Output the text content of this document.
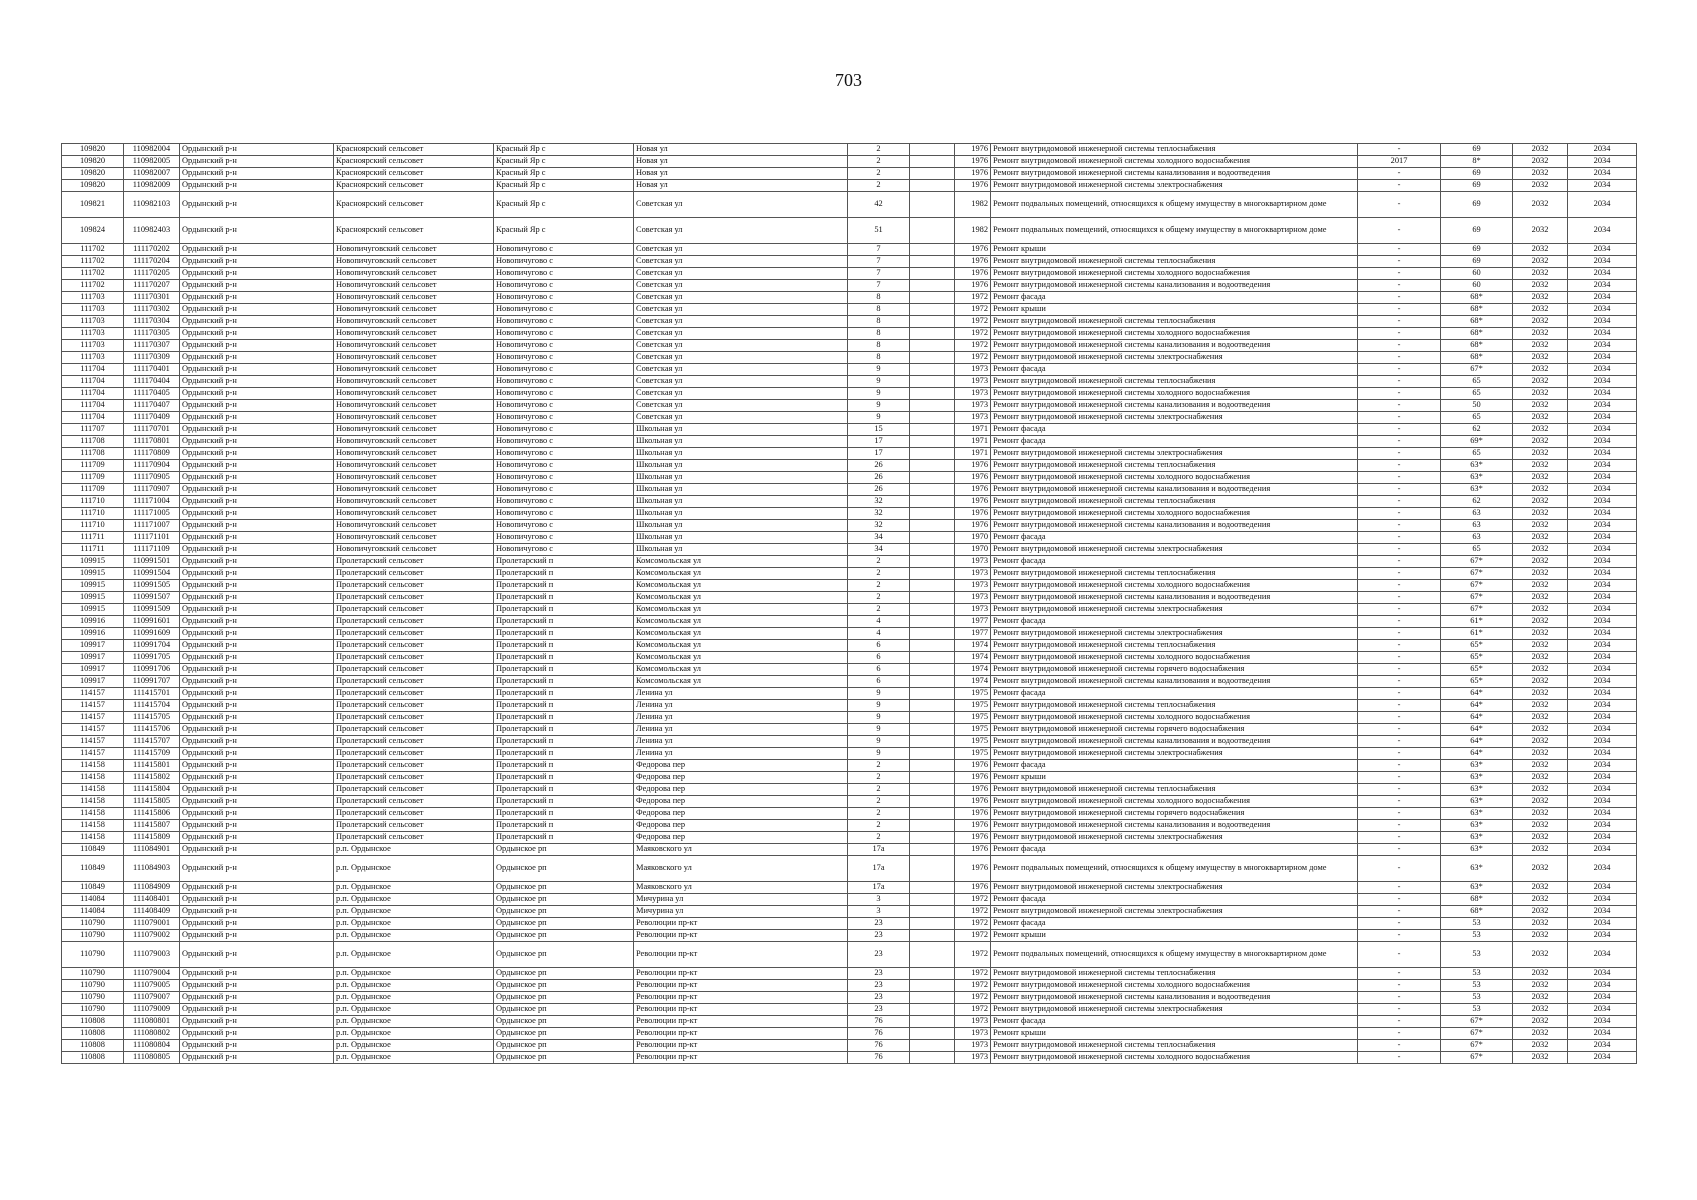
703
109820	110982004	Ордынский р-н	Красноярский сельсовет	Красный Яр с	Новая ул	2		1976	Ремонт внутридомовой инженерной системы теплоснабжения	-	69	2032	2034
109820	110982005	Ордынский р-н	Красноярский сельсовет	Красный Яр с	Новая ул	2		1976	Ремонт внутридомовой инженерной системы холодного водоснабжения	2017	8*	2032	2034
109820	110982007	Ордынский р-н	Красноярский сельсовет	Красный Яр с	Новая ул	2		1976	Ремонт внутридомовой инженерной системы канализования и водоотведения	-	69	2032	2034
109820	110982009	Ордынский р-н	Красноярский сельсовет	Красный Яр с	Новая ул	2		1976	Ремонт внутридомовой инженерной системы электроснабжения	-	69	2032	2034
109821	110982103	Ордынский р-н	Красноярский сельсовет	Красный Яр с	Советская ул	42		1982	Ремонт подвальных помещений, относящихся к общему имуществу в многоквартирном доме	-	69	2032	2034
109824	110982403	Ордынский р-н	Красноярский сельсовет	Красный Яр с	Советская ул	51		1982	Ремонт подвальных помещений, относящихся к общему имуществу в многоквартирном доме	-	69	2032	2034
111702	111170202	Ордынский р-н	Новопичуговский сельсовет	Новопичугово с	Советская ул	7		1976	Ремонт крыши	-	69	2032	2034
111702	111170204	Ордынский р-н	Новопичуговский сельсовет	Новопичугово с	Советская ул	7		1976	Ремонт внутридомовой инженерной системы теплоснабжения	-	69	2032	2034
111702	111170205	Ордынский р-н	Новопичуговский сельсовет	Новопичугово с	Советская ул	7		1976	Ремонт внутридомовой инженерной системы холодного водоснабжения	-	60	2032	2034
111702	111170207	Ордынский р-н	Новопичуговский сельсовет	Новопичугово с	Советская ул	7		1976	Ремонт внутридомовой инженерной системы канализования и водоотведения	-	60	2032	2034
111703	111170301	Ордынский р-н	Новопичуговский сельсовет	Новопичугово с	Советская ул	8		1972	Ремонт фасада	-	68*	2032	2034
111703	111170302	Ордынский р-н	Новопичуговский сельсовет	Новопичугово с	Советская ул	8		1972	Ремонт крыши	-	68*	2032	2034
111703	111170304	Ордынский р-н	Новопичуговский сельсовет	Новопичугово с	Советская ул	8		1972	Ремонт внутридомовой инженерной системы теплоснабжения	-	68*	2032	2034
111703	111170305	Ордынский р-н	Новопичуговский сельсовет	Новопичугово с	Советская ул	8		1972	Ремонт внутридомовой инженерной системы холодного водоснабжения	-	68*	2032	2034
111703	111170307	Ордынский р-н	Новопичуговский сельсовет	Новопичугово с	Советская ул	8		1972	Ремонт внутридомовой инженерной системы канализования и водоотведения	-	68*	2032	2034
111703	111170309	Ордынский р-н	Новопичуговский сельсовет	Новопичугово с	Советская ул	8		1972	Ремонт внутридомовой инженерной системы электроснабжения	-	68*	2032	2034
111704	111170401	Ордынский р-н	Новопичуговский сельсовет	Новопичугово с	Советская ул	9		1973	Ремонт фасада	-	67*	2032	2034
111704	111170404	Ордынский р-н	Новопичуговский сельсовет	Новопичугово с	Советская ул	9		1973	Ремонт внутридомовой инженерной системы теплоснабжения	-	65	2032	2034
111704	111170405	Ордынский р-н	Новопичуговский сельсовет	Новопичугово с	Советская ул	9		1973	Ремонт внутридомовой инженерной системы холодного водоснабжения	-	65	2032	2034
111704	111170407	Ордынский р-н	Новопичуговский сельсовет	Новопичугово с	Советская ул	9		1973	Ремонт внутридомовой инженерной системы канализования и водоотведения	-	50	2032	2034
111704	111170409	Ордынский р-н	Новопичуговский сельсовет	Новопичугово с	Советская ул	9		1973	Ремонт внутридомовой инженерной системы электроснабжения	-	65	2032	2034
111707	111170701	Ордынский р-н	Новопичуговский сельсовет	Новопичугово с	Школьная ул	15		1971	Ремонт фасада	-	62	2032	2034
111708	111170801	Ордынский р-н	Новопичуговский сельсовет	Новопичугово с	Школьная ул	17		1971	Ремонт фасада	-	69*	2032	2034
111708	111170809	Ордынский р-н	Новопичуговский сельсовет	Новопичугово с	Школьная ул	17		1971	Ремонт внутридомовой инженерной системы электроснабжения	-	65	2032	2034
111709	111170904	Ордынский р-н	Новопичуговский сельсовет	Новопичугово с	Школьная ул	26		1976	Ремонт внутридомовой инженерной системы теплоснабжения	-	63*	2032	2034
111709	111170905	Ордынский р-н	Новопичуговский сельсовет	Новопичугово с	Школьная ул	26		1976	Ремонт внутридомовой инженерной системы холодного водоснабжения	-	63*	2032	2034
111709	111170907	Ордынский р-н	Новопичуговский сельсовет	Новопичугово с	Школьная ул	26		1976	Ремонт внутридомовой инженерной системы канализования и водоотведения	-	63*	2032	2034
111710	111171004	Ордынский р-н	Новопичуговский сельсовет	Новопичугово с	Школьная ул	32		1976	Ремонт внутридомовой инженерной системы теплоснабжения	-	62	2032	2034
111710	111171005	Ордынский р-н	Новопичуговский сельсовет	Новопичугово с	Школьная ул	32		1976	Ремонт внутридомовой инженерной системы холодного водоснабжения	-	63	2032	2034
111710	111171007	Ордынский р-н	Новопичуговский сельсовет	Новопичугово с	Школьная ул	32		1976	Ремонт внутридомовой инженерной системы канализования и водоотведения	-	63	2032	2034
111711	111171101	Ордынский р-н	Новопичуговский сельсовет	Новопичугово с	Школьная ул	34		1970	Ремонт фасада	-	63	2032	2034
111711	111171109	Ордынский р-н	Новопичуговский сельсовет	Новопичугово с	Школьная ул	34		1970	Ремонт внутридомовой инженерной системы электроснабжения	-	65	2032	2034
109915	110991501	Ордынский р-н	Пролетарский сельсовет	Пролетарский п	Комсомольская ул	2		1973	Ремонт фасада	-	67*	2032	2034
109915	110991504	Ордынский р-н	Пролетарский сельсовет	Пролетарский п	Комсомольская ул	2		1973	Ремонт внутридомовой инженерной системы теплоснабжения	-	67*	2032	2034
109915	110991505	Ордынский р-н	Пролетарский сельсовет	Пролетарский п	Комсомольская ул	2		1973	Ремонт внутридомовой инженерной системы холодного водоснабжения	-	67*	2032	2034
109915	110991507	Ордынский р-н	Пролетарский сельсовет	Пролетарский п	Комсомольская ул	2		1973	Ремонт внутридомовой инженерной системы канализования и водоотведения	-	67*	2032	2034
109915	110991509	Ордынский р-н	Пролетарский сельсовет	Пролетарский п	Комсомольская ул	2		1973	Ремонт внутридомовой инженерной системы электроснабжения	-	67*	2032	2034
109916	110991601	Ордынский р-н	Пролетарский сельсовет	Пролетарский п	Комсомольская ул	4		1977	Ремонт фасада	-	61*	2032	2034
109916	110991609	Ордынский р-н	Пролетарский сельсовет	Пролетарский п	Комсомольская ул	4		1977	Ремонт внутридомовой инженерной системы электроснабжения	-	61*	2032	2034
109917	110991704	Ордынский р-н	Пролетарский сельсовет	Пролетарский п	Комсомольская ул	6		1974	Ремонт внутридомовой инженерной системы теплоснабжения	-	65*	2032	2034
109917	110991705	Ордынский р-н	Пролетарский сельсовет	Пролетарский п	Комсомольская ул	6		1974	Ремонт внутридомовой инженерной системы холодного водоснабжения	-	65*	2032	2034
109917	110991706	Ордынский р-н	Пролетарский сельсовет	Пролетарский п	Комсомольская ул	6		1974	Ремонт внутридомовой инженерной системы горячего водоснабжения	-	65*	2032	2034
109917	110991707	Ордынский р-н	Пролетарский сельсовет	Пролетарский п	Комсомольская ул	6		1974	Ремонт внутридомовой инженерной системы канализования и водоотведения	-	65*	2032	2034
114157	111415701	Ордынский р-н	Пролетарский сельсовет	Пролетарский п	Ленина ул	9		1975	Ремонт фасада	-	64*	2032	2034
114157	111415704	Ордынский р-н	Пролетарский сельсовет	Пролетарский п	Ленина ул	9		1975	Ремонт внутридомовой инженерной системы теплоснабжения	-	64*	2032	2034
114157	111415705	Ордынский р-н	Пролетарский сельсовет	Пролетарский п	Ленина ул	9		1975	Ремонт внутридомовой инженерной системы холодного водоснабжения	-	64*	2032	2034
114157	111415706	Ордынский р-н	Пролетарский сельсовет	Пролетарский п	Ленина ул	9		1975	Ремонт внутридомовой инженерной системы горячего водоснабжения	-	64*	2032	2034
114157	111415707	Ордынский р-н	Пролетарский сельсовет	Пролетарский п	Ленина ул	9		1975	Ремонт внутридомовой инженерной системы канализования и водоотведения	-	64*	2032	2034
114157	111415709	Ордынский р-н	Пролетарский сельсовет	Пролетарский п	Ленина ул	9		1975	Ремонт внутридомовой инженерной системы электроснабжения	-	64*	2032	2034
114158	111415801	Ордынский р-н	Пролетарский сельсовет	Пролетарский п	Федорова пер	2		1976	Ремонт фасада	-	63*	2032	2034
114158	111415802	Ордынский р-н	Пролетарский сельсовет	Пролетарский п	Федорова пер	2		1976	Ремонт крыши	-	63*	2032	2034
114158	111415804	Ордынский р-н	Пролетарский сельсовет	Пролетарский п	Федорова пер	2		1976	Ремонт внутридомовой инженерной системы теплоснабжения	-	63*	2032	2034
114158	111415805	Ордынский р-н	Пролетарский сельсовет	Пролетарский п	Федорова пер	2		1976	Ремонт внутридомовой инженерной системы холодного водоснабжения	-	63*	2032	2034
114158	111415806	Ордынский р-н	Пролетарский сельсовет	Пролетарский п	Федорова пер	2		1976	Ремонт внутридомовой инженерной системы горячего водоснабжения	-	63*	2032	2034
114158	111415807	Ордынский р-н	Пролетарский сельсовет	Пролетарский п	Федорова пер	2		1976	Ремонт внутридомовой инженерной системы канализования и водоотведения	-	63*	2032	2034
114158	111415809	Ордынский р-н	Пролетарский сельсовет	Пролетарский п	Федорова пер	2		1976	Ремонт внутридомовой инженерной системы электроснабжения	-	63*	2032	2034
110849	111084901	Ордынский р-н	р.п. Ордынское	Ордынское рп	Маяковского ул	17а		1976	Ремонт фасада	-	63*	2032	2034
110849	111084903	Ордынский р-н	р.п. Ордынское	Ордынское рп	Маяковского ул	17а		1976	Ремонт подвальных помещений, относящихся к общему имуществу в многоквартирном доме	-	63*	2032	2034
110849	111084909	Ордынский р-н	р.п. Ордынское	Ордынское рп	Маяковского ул	17а		1976	Ремонт внутридомовой инженерной системы электроснабжения	-	63*	2032	2034
114084	111408401	Ордынский р-н	р.п. Ордынское	Ордынское рп	Мичурина ул	3		1972	Ремонт фасада	-	68*	2032	2034
114084	111408409	Ордынский р-н	р.п. Ордынское	Ордынское рп	Мичурина ул	3		1972	Ремонт внутридомовой инженерной системы электроснабжения	-	68*	2032	2034
110790	111079001	Ордынский р-н	р.п. Ордынское	Ордынское рп	Революции пр-кт	23		1972	Ремонт фасада	-	53	2032	2034
110790	111079002	Ордынский р-н	р.п. Ордынское	Ордынское рп	Революции пр-кт	23		1972	Ремонт крыши	-	53	2032	2034
110790	111079003	Ордынский р-н	р.п. Ордынское	Ордынское рп	Революции пр-кт	23		1972	Ремонт подвальных помещений, относящихся к общему имуществу в многоквартирном доме	-	53	2032	2034
110790	111079004	Ордынский р-н	р.п. Ордынское	Ордынское рп	Революции пр-кт	23		1972	Ремонт внутридомовой инженерной системы теплоснабжения	-	53	2032	2034
110790	111079005	Ордынский р-н	р.п. Ордынское	Ордынское рп	Революции пр-кт	23		1972	Ремонт внутридомовой инженерной системы холодного водоснабжения	-	53	2032	2034
110790	111079007	Ордынский р-н	р.п. Ордынское	Ордынское рп	Революции пр-кт	23		1972	Ремонт внутридомовой инженерной системы канализования и водоотведения	-	53	2032	2034
110790	111079009	Ордынский р-н	р.п. Ордынское	Ордынское рп	Революции пр-кт	23		1972	Ремонт внутридомовой инженерной системы электроснабжения	-	53	2032	2034
110808	111080801	Ордынский р-н	р.п. Ордынское	Ордынское рп	Революции пр-кт	76		1973	Ремонт фасада	-	67*	2032	2034
110808	111080802	Ордынский р-н	р.п. Ордынское	Ордынское рп	Революции пр-кт	76		1973	Ремонт крыши	-	67*	2032	2034
110808	111080804	Ордынский р-н	р.п. Ордынское	Ордынское рп	Революции пр-кт	76		1973	Ремонт внутридомовой инженерной системы теплоснабжения	-	67*	2032	2034
110808	111080805	Ордынский р-н	р.п. Ордынское	Ордынское рп	Революции пр-кт	76		1973	Ремонт внутридомовой инженерной системы холодного водоснабжения	-	67*	2032	2034
